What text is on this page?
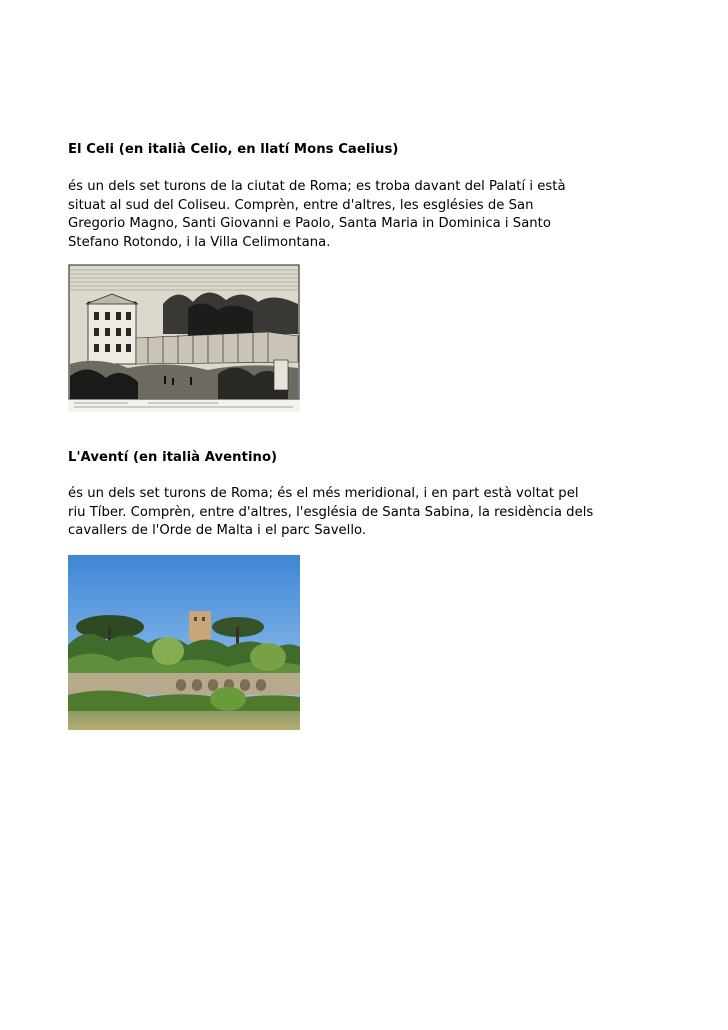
El Celi (en italià Celio, en llatí Mons Caelius)
és un dels set turons de la ciutat de Roma; es troba davant del Palatí i està
situat al sud del Coliseu. Comprèn, entre d'altres, les esglésies de San
Gregorio Magno, Santi Giovanni e Paolo, Santa Maria in Dominica i Santo
Stefano Rotondo, i la Villa Celimontana.
L'Aventí (en italià Aventino)
és un dels set turons de Roma; és el més meridional, i en part està voltat pel
riu Tíber. Comprèn, entre d'altres, l'església de Santa Sabina, la residència dels
cavallers de l'Orde de Malta i el parc Savello.
